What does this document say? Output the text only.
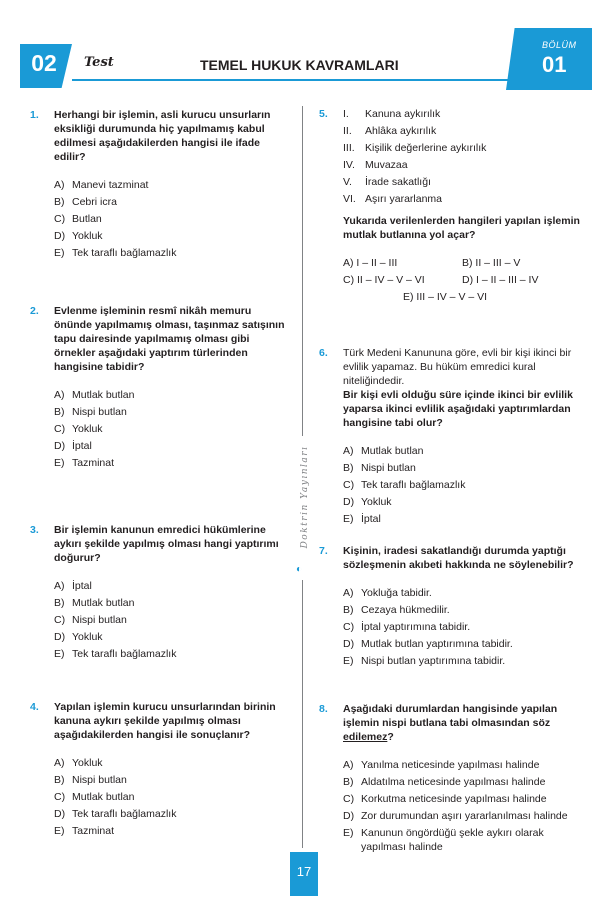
02	Test	TEMEL HUKUK KAVRAMLARI
BÖLÜM
01
1. Herhangi bir işlemin, asli kurucu unsurların eksikliği durumunda hiç yapılmamış kabul edilmesi aşağıdakilerden hangisi ile ifade edilir?
A) Manevi tazminat
B) Cebri icra
C) Butlan
D) Yokluk
E) Tek taraflı bağlamazlık
2. Evlenme işleminin resmî nikâh memuru önünde yapılmamış olması, taşınmaz satışının tapu dairesinde yapılmamış olması gibi örnekler aşağıdaki yaptırım türlerinden hangisine tabidir?
A) Mutlak butlan
B) Nispi butlan
C) Yokluk
D) İptal
E) Tazminat
3. Bir işlemin kanunun emredici hükümlerine aykırı şekilde yapılmış olması hangi yaptırımı doğurur?
A) İptal
B) Mutlak butlan
C) Nispi butlan
D) Yokluk
E) Tek taraflı bağlamazlık
4. Yapılan işlemin kurucu unsurlarından birinin kanuna aykırı şekilde yapılmış olması aşağıdakilerden hangisi ile sonuçlanır?
A) Yokluk
B) Nispi butlan
C) Mutlak butlan
D) Tek taraflı bağlamazlık
E) Tazminat
Doktrin Yayınları
◐
5. I.	Kanuna aykırılık
II.	Ahlâka aykırılık
III. Kişilik değerlerine aykırılık
IV. Muvazaa
V.	İrade sakatlığı
VI. Aşırı yararlanma
Yukarıda verilenlerden hangileri yapılan işlemin mutlak butlanına yol açar?
A) I – II – III	B) II – III – V
C) II – IV – V – VI	D) I – II – III – IV
E) III – IV – V – VI
6. Türk Medeni Kanununa göre, evli bir kişi ikinci bir evlilik yapamaz. Bu hüküm emredici kural niteliğindedir.
Bir kişi evli olduğu süre içinde ikinci bir evlilik yaparsa ikinci evlilik aşağıdaki yaptırımlardan hangisine tabi olur?
A) Mutlak butlan
B) Nispi butlan
C) Tek taraflı bağlamazlık
D) Yokluk
E) İptal
7. Kişinin, iradesi sakatlandığı durumda yaptığı sözleşmenin akıbeti hakkında ne söylenebilir?
A) Yokluğa tabidir.
B) Cezaya hükmedilir.
C) İptal yaptırımına tabidir.
D) Mutlak butlan yaptırımına tabidir.
E) Nispi butlan yaptırımına tabidir.
8. Aşağıdaki durumlardan hangisinde yapılan işlemin nispi butlana tabi olmasından söz edilemez?
A) Yanılma neticesinde yapılması halinde
B) Aldatılma neticesinde yapılması halinde
C) Korkutma neticesinde yapılması halinde
D) Zor durumundan aşırı yararlanılması halinde
E) Kanunun öngördüğü şekle aykırı olarak yapılması halinde
17
